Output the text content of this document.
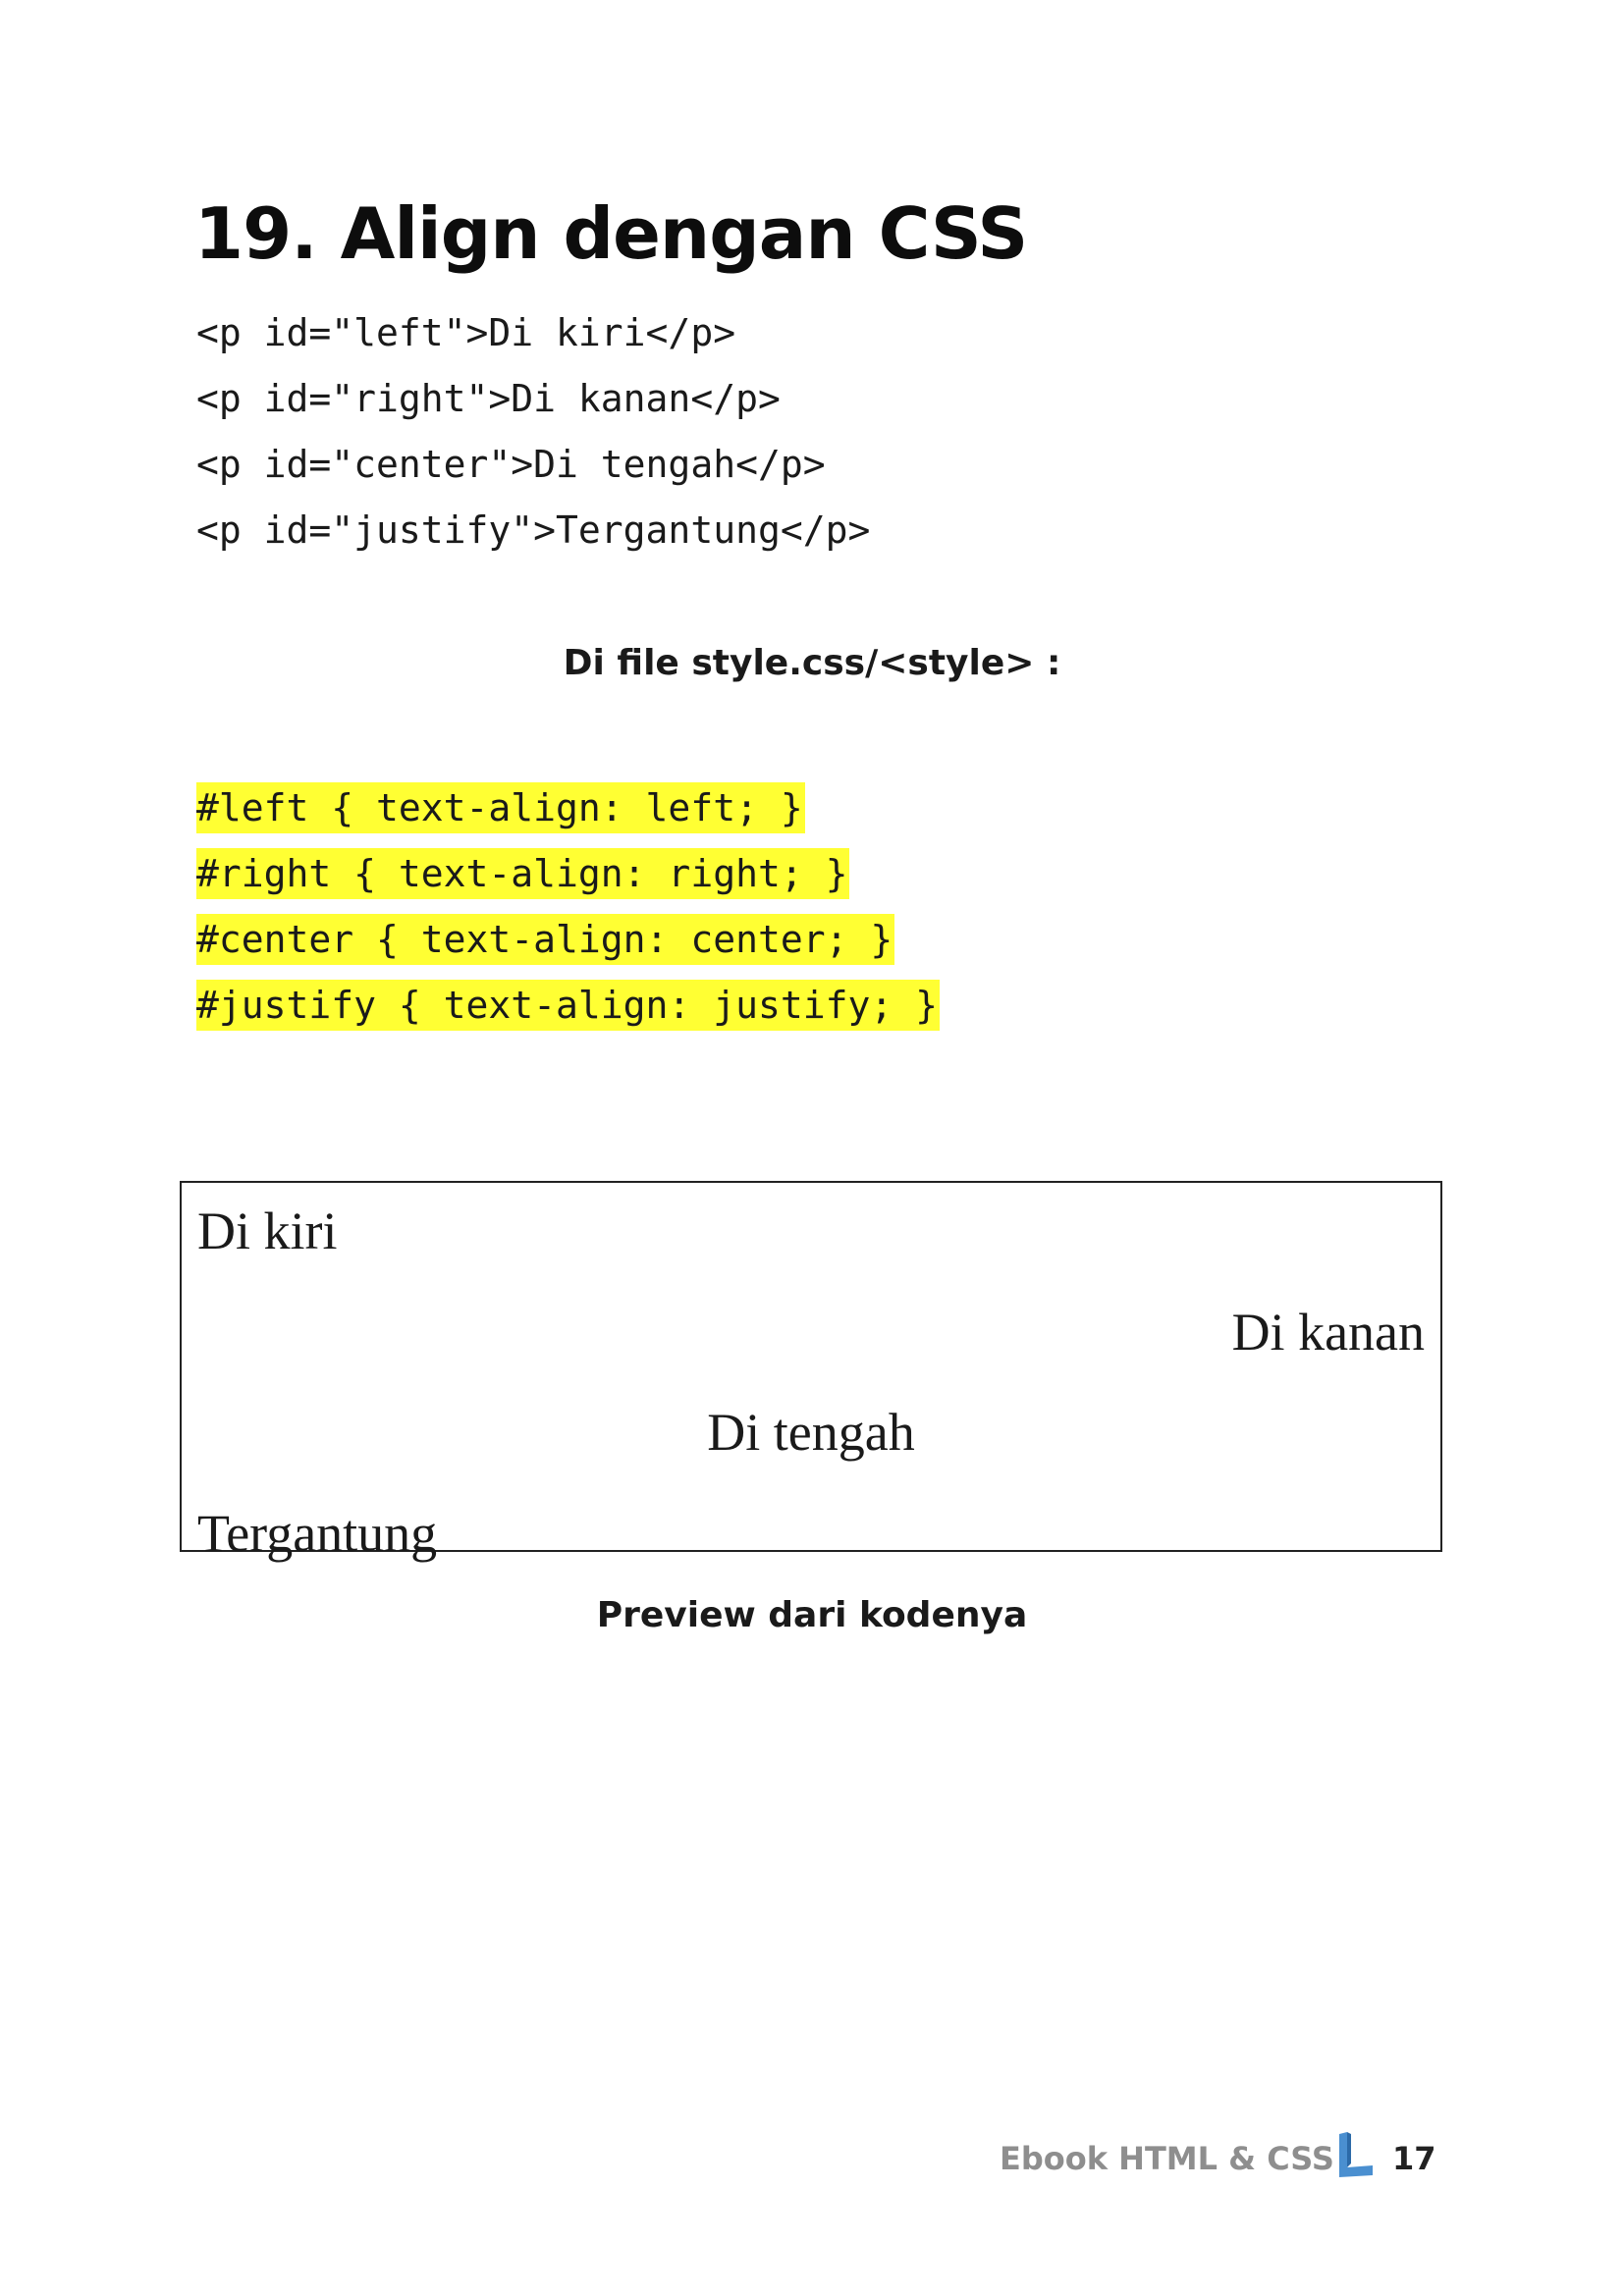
19. Align dengan CSS
<p id="left">Di kiri</p>
<p id="right">Di kanan</p>
<p id="center">Di tengah</p>
<p id="justify">Tergantung</p>

Di file style.css/<style> :

#left { text-align: left; }
#right { text-align: right; }
#center { text-align: center; }
#justify { text-align: justify; }
Di kiri
Di kanan
Di tengah
Tergantung

Preview dari kodenya

Ebook HTML & CSS 17
